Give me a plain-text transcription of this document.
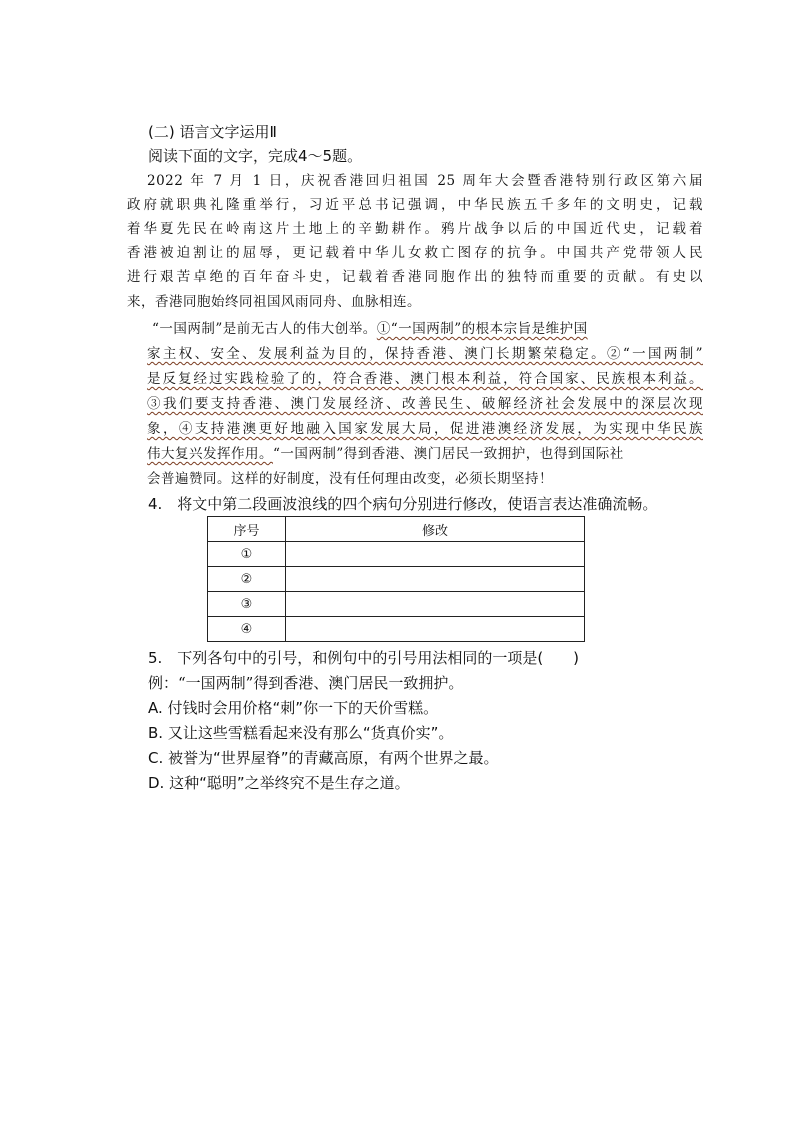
(二) 语言文字运用Ⅱ
阅读下面的文字，完成4～5题。
2022 年 7 月 1 日，庆祝香港回归祖国 25 周年大会暨香港特别行政区第六届
政府就职典礼隆重举行，习近平总书记强调，中华民族五千多年的文明史，记载
着华夏先民在岭南这片土地上的辛勤耕作。鸦片战争以后的中国近代史，记载着
香港被迫割让的屈辱，更记载着中华儿女救亡图存的抗争。中国共产党带领人民
进行艰苦卓绝的百年奋斗史，记载着香港同胞作出的独特而重要的贡献。有史以
来，香港同胞始终同祖国风雨同舟、血脉相连。
“一国两制”是前无古人的伟大创举。①“一国两制”的根本宗旨是维护国
家主权、安全、发展利益为目的，保持香港、澳门长期繁荣稳定。②“一国两制”
是反复经过实践检验了的，符合香港、澳门根本利益，符合国家、民族根本利益。
③我们要支持香港、澳门发展经济、改善民生、破解经济社会发展中的深层次现
象，④支持港澳更好地融入国家发展大局，促进港澳经济发展，为实现中华民族
伟大复兴发挥作用。“一国两制”得到香港、澳门居民一致拥护，也得到国际社
会普遍赞同。这样的好制度，没有任何理由改变，必须长期坚持！
4.　将文中第二段画波浪线的四个病句分别进行修改，使语言表达准确流畅。
序号	修改
①	
②	
③	
④	
5.　下列各句中的引号，和例句中的引号用法相同的一项是(　　)
例：“一国两制”得到香港、澳门居民一致拥护。
A. 付钱时会用价格“刺”你一下的天价雪糕。
B. 又让这些雪糕看起来没有那么“货真价实”。
C. 被誉为“世界屋脊”的青藏高原，有两个世界之最。
D. 这种“聪明”之举终究不是生存之道。
